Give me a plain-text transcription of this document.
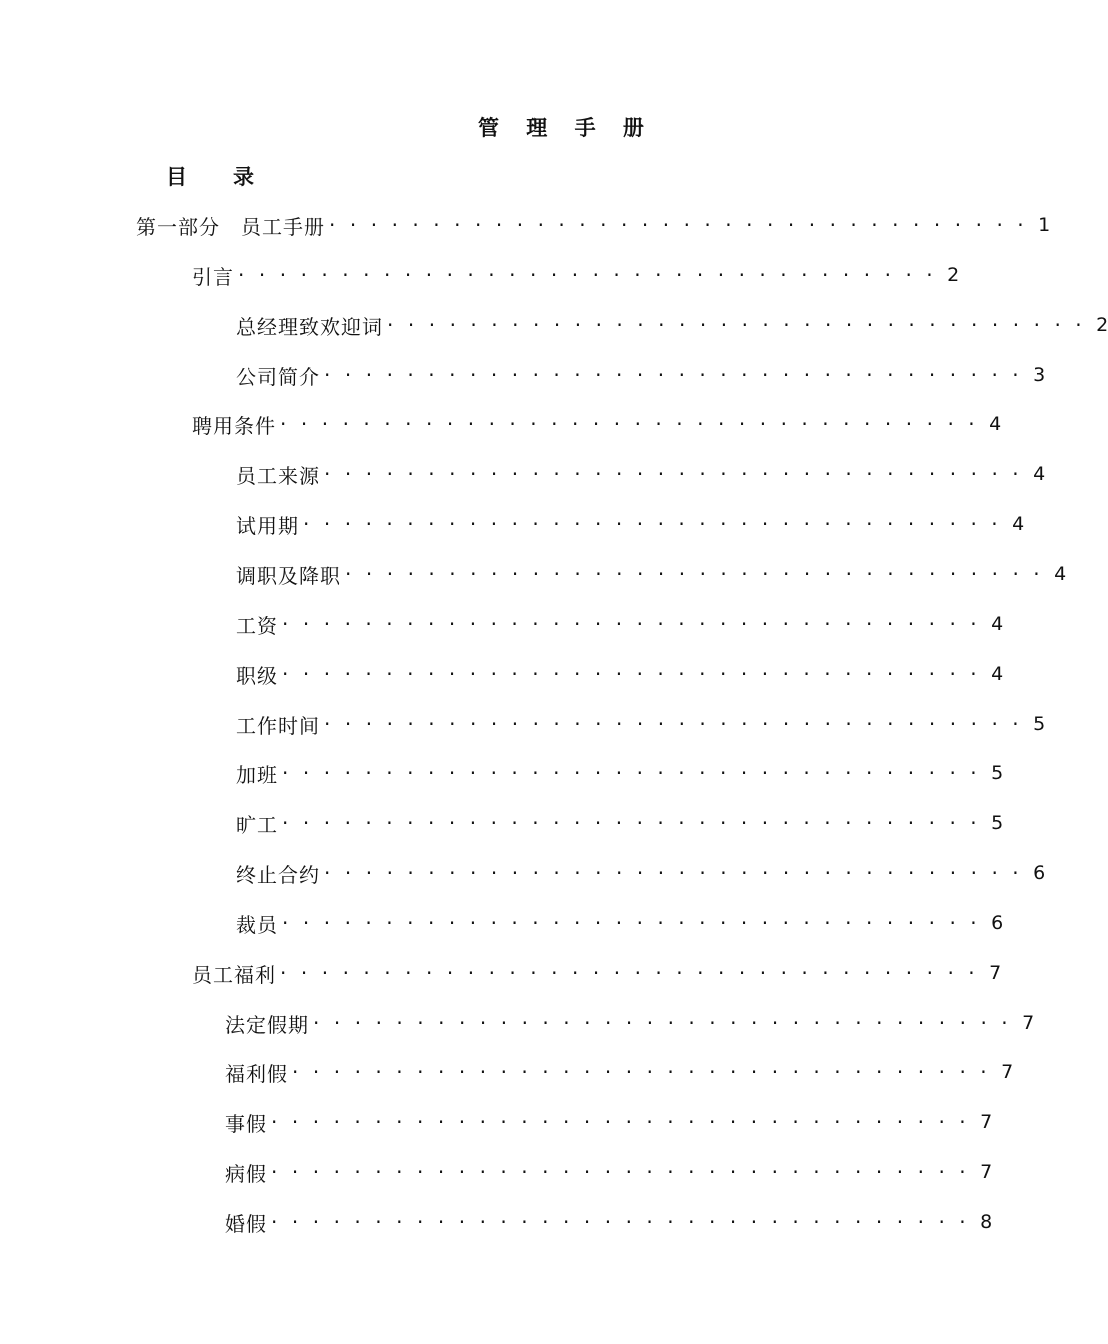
管 理 手 册
目 录
第一部分　员工手册 ·································· 1
引言 ·································· 2
总经理致欢迎词 ·································· 2
公司简介 ·································· 3
聘用条件 ·································· 4
员工来源 ·································· 4
试用期 ·································· 4
调职及降职 ·································· 4
工资 ·································· 4
职级 ·································· 4
工作时间 ·································· 5
加班 ·································· 5
旷工 ·································· 5
终止合约 ·································· 6
裁员 ·································· 6
员工福利 ·································· 7
法定假期 ·································· 7
福利假 ·································· 7
事假 ·································· 7
病假 ·································· 7
婚假 ·································· 8
